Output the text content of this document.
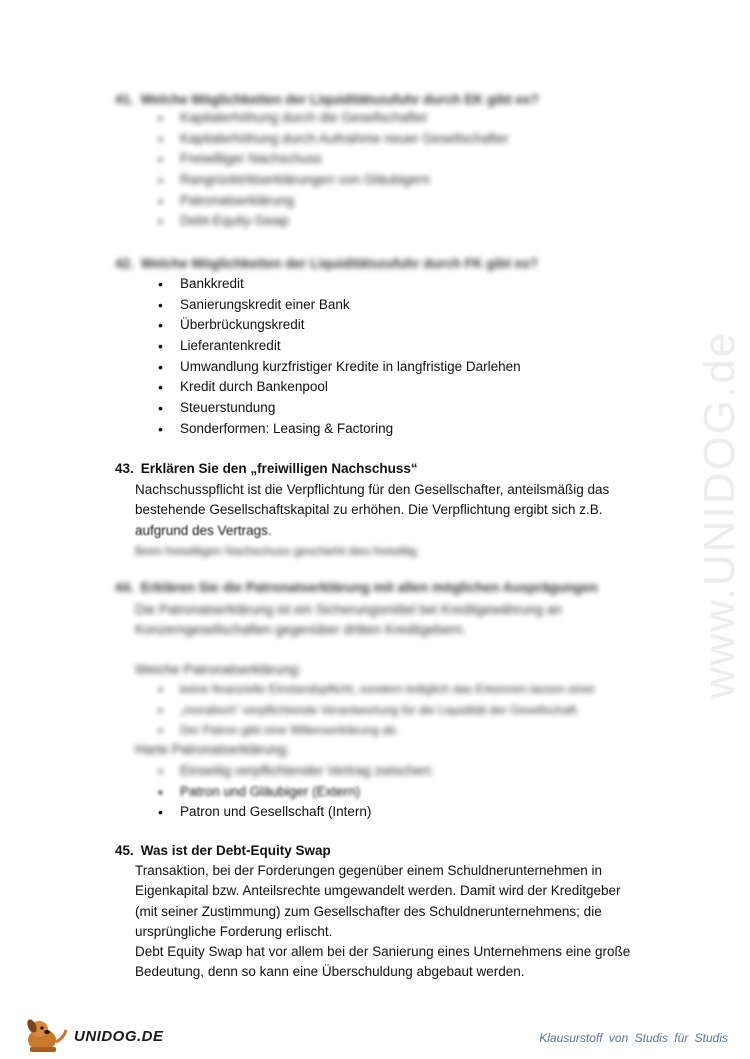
www.UNIDOG.de
41. Welche Möglichkeiten der Liquiditätszufuhr durch EK gibt es?
• Kapitalerhöhung durch die Gesellschafter
• Kapitalerhöhung durch Aufnahme neuer Gesellschafter
• Freiwilliger Nachschuss
• Rangrücktrittserklärungen von Gläubigern
• Patronatserklärung
• Debt-Equity-Swap
42. Welche Möglichkeiten der Liquiditätszufuhr durch FK gibt es?
• Bankkredit
• Sanierungskredit einer Bank
• Überbrückungskredit
• Lieferantenkredit
• Umwandlung kurzfristiger Kredite in langfristige Darlehen
• Kredit durch Bankenpool
• Steuerstundung
• Sonderformen: Leasing & Factoring
43. Erklären Sie den „freiwilligen Nachschuss“

Nachschusspflicht ist die Verpflichtung für den Gesellschafter, anteilsmäßig das

bestehende Gesellschaftskapital zu erhöhen. Die Verpflichtung ergibt sich z.B.

aufgrund des Vertrags.

Beim freiwilligen Nachschuss geschieht dies freiwillig.

44. Erklären Sie die Patronatserklärung mit allen möglichen Ausprägungen

Die Patronatserklärung ist ein Sicherungsmittel bei Kreditgewährung an

Konzerngesellschaften gegenüber dritten Kreditgebern.

Weiche Patronatserklärung:

• keine finanzielle Einstandspflicht, sondern lediglich das Erkennen lassen einer
• „moralisch“ verpflichtende Verantwortung für die Liquidität der Gesellschaft.
• Der Patron gibt eine Willenserklärung ab.

Harte Patronatserklärung:

• Einseitig verpflichtender Vertrag zwischen:
• Patron und Gläubiger (Extern)
• Patron und Gesellschaft (Intern)
45. Was ist der Debt-Equity Swap

Transaktion, bei der Forderungen gegenüber einem Schuldnerunternehmen in

Eigenkapital bzw. Anteilsrechte umgewandelt werden. Damit wird der Kreditgeber

(mit seiner Zustimmung) zum Gesellschafter des Schuldnerunternehmens; die

ursprüngliche Forderung erlischt.

Debt Equity Swap hat vor allem bei der Sanierung eines Unternehmens eine große

Bedeutung, denn so kann eine Überschuldung abgebaut werden.

UNIDOG.DE	Klausurstoff von Studis für Studis
